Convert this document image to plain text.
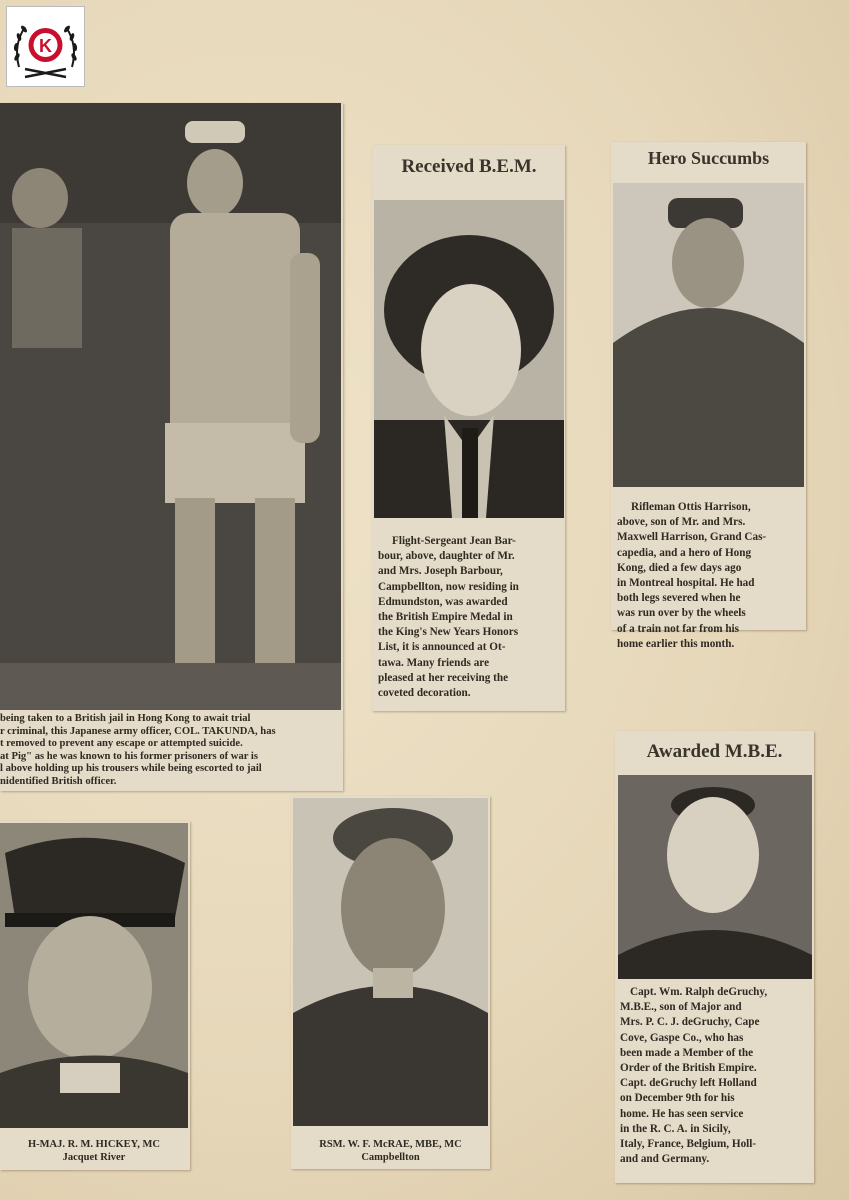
K

being taken to a British jail in Hong Kong to await trial

r criminal, this Japanese army officer, COL. TAKUNDA, has

t removed to prevent any escape or attempted suicide.

at Pig" as he was known to his former prisoners of war is

l above holding up his trousers while being escorted to jail

nidentified British officer.

Received B.E.M.

Flight-Sergeant Jean Bar-

bour, above, daughter of Mr.

and Mrs. Joseph Barbour,

Campbellton, now residing in

Edmundston, was awarded

the British Empire Medal in

the King's New Years Honors

List, it is announced at Ot-

tawa. Many friends are

pleased at her receiving the

coveted decoration.

Hero Succumbs

Rifleman Ottis Harrison,

above, son of Mr. and Mrs.

Maxwell Harrison, Grand Cas-

capedia, and a hero of Hong

Kong, died a few days ago

in Montreal hospital. He had

both legs severed when he

was run over by the wheels

of a train not far from his

home earlier this month.

Awarded M.B.E.

Capt. Wm. Ralph deGruchy,

M.B.E., son of Major and

Mrs. P. C. J. deGruchy, Cape

Cove, Gaspe Co., who has

been made a Member of the

Order of the British Empire.

Capt. deGruchy left Holland

on December 9th for his

home. He has seen service

in the R. C. A. in Sicily,

Italy, France, Belgium, Holl-

and and Germany.

H-MAJ. R. M. HICKEY, MC
Jacquet River
RSM. W. F. McRAE, MBE, MC
Campbellton
